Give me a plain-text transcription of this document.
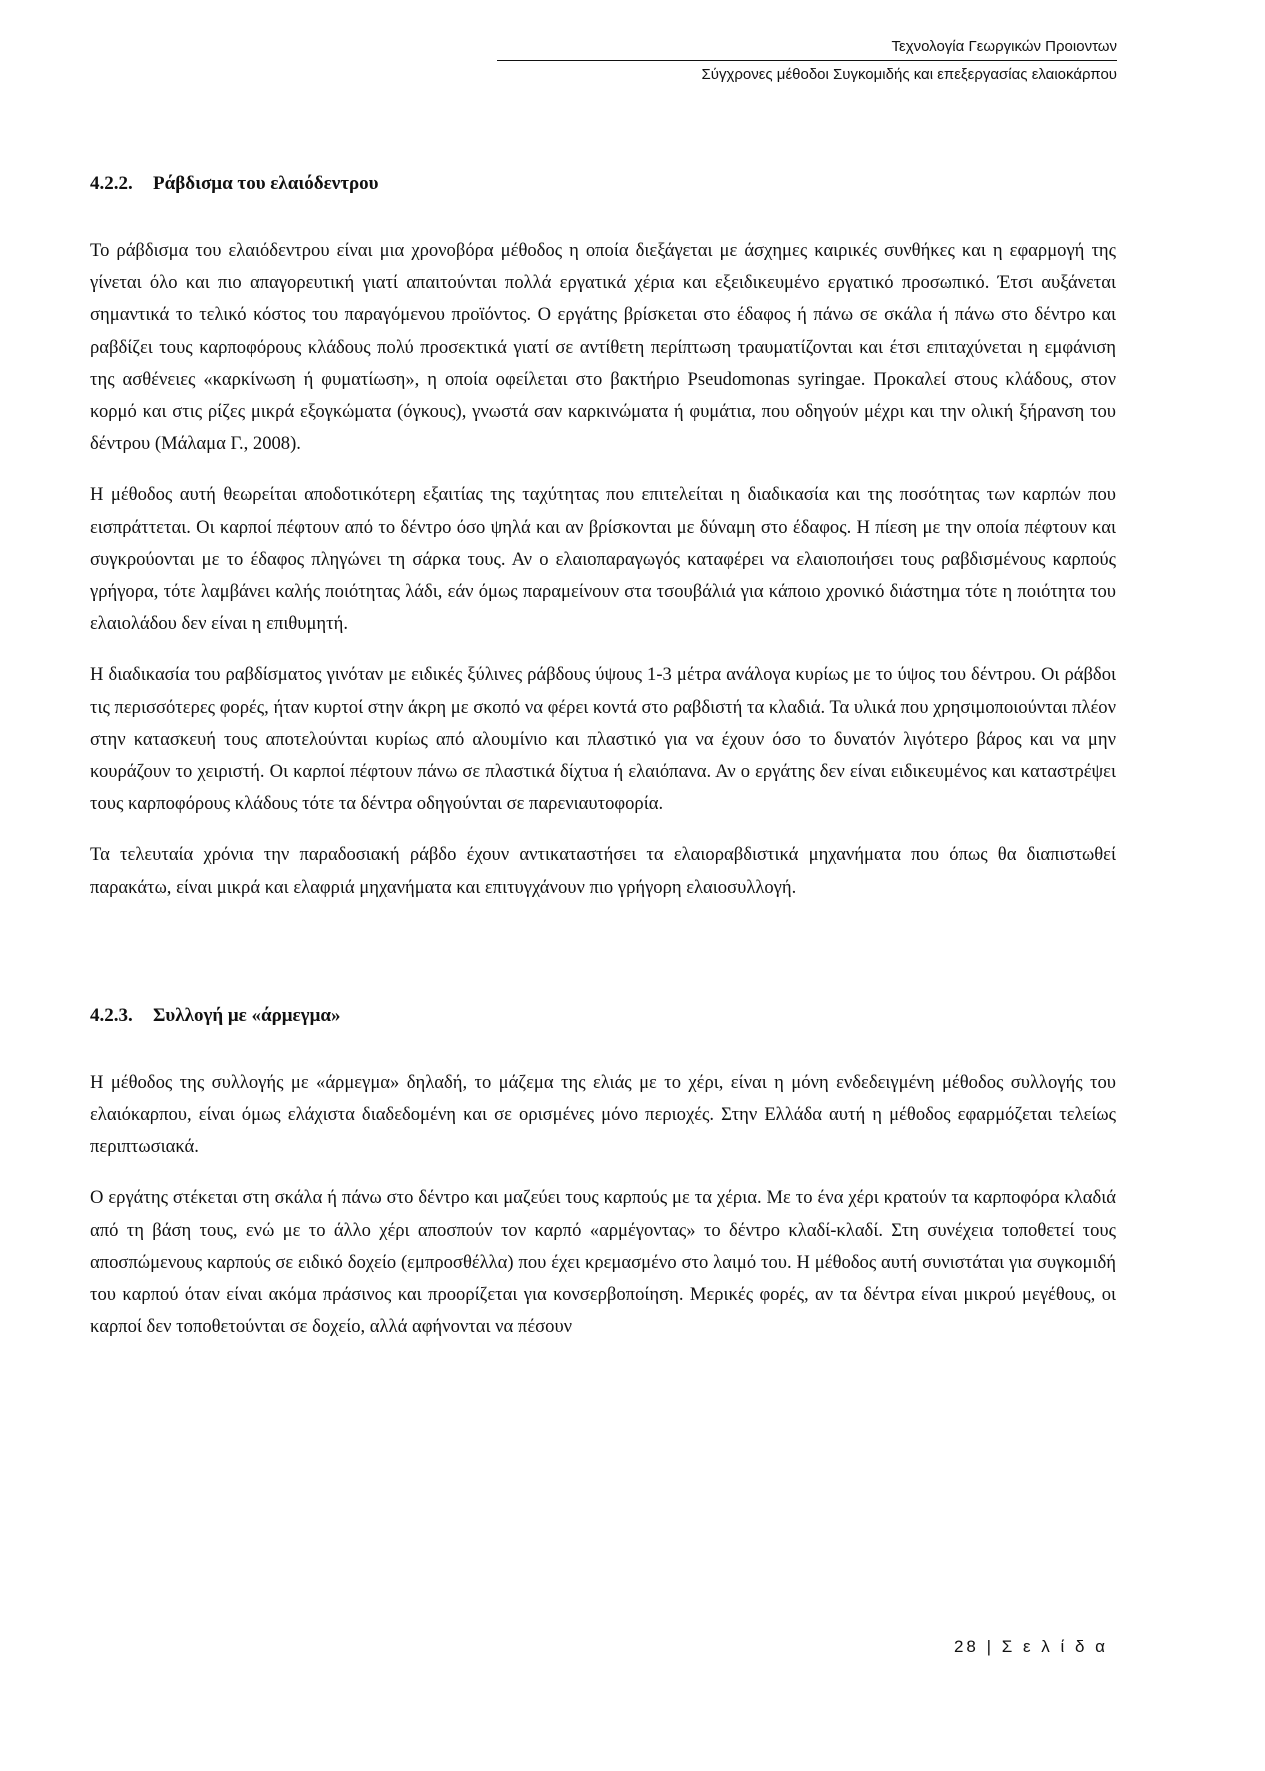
Τεχνολογία Γεωργικών Προιοντων
Σύγχρονες μέθοδοι Συγκομιδής και επεξεργασίας ελαιοκάρπου
4.2.2. Ράβδισμα του ελαιόδεντρου

Το ράβδισμα του ελαιόδεντρου είναι μια χρονοβόρα μέθοδος η οποία διεξάγεται με άσχημες καιρικές συνθήκες και η εφαρμογή της γίνεται όλο και πιο απαγορευτική γιατί απαιτούνται πολλά εργατικά χέρια και εξειδικευμένο εργατικό προσωπικό. Έτσι αυξάνεται σημαντικά το τελικό κόστος του παραγόμενου προϊόντος. Ο εργάτης βρίσκεται στο έδαφος ή πάνω σε σκάλα ή πάνω στο δέντρο και ραβδίζει τους καρποφόρους κλάδους πολύ προσεκτικά γιατί σε αντίθετη περίπτωση τραυματίζονται και έτσι επιταχύνεται η εμφάνιση της ασθένειες «καρκίνωση ή φυματίωση», η οποία οφείλεται στο βακτήριο Pseudomonas syringae. Προκαλεί στους κλάδους, στον κορμό και στις ρίζες μικρά εξογκώματα (όγκους), γνωστά σαν καρκινώματα ή φυμάτια, που οδηγούν μέχρι και την ολική ξήρανση του δέντρου (Μάλαμα Γ., 2008).

Η μέθοδος αυτή θεωρείται αποδοτικότερη εξαιτίας της ταχύτητας που επιτελείται η διαδικασία και της ποσότητας των καρπών που εισπράττεται. Οι καρποί πέφτουν από το δέντρο όσο ψηλά και αν βρίσκονται με δύναμη στο έδαφος. Η πίεση με την οποία πέφτουν και συγκρούονται με το έδαφος πληγώνει τη σάρκα τους. Αν ο ελαιοπαραγωγός καταφέρει να ελαιοποιήσει τους ραβδισμένους καρπούς γρήγορα, τότε λαμβάνει καλής ποιότητας λάδι, εάν όμως παραμείνουν στα τσουβάλιά για κάποιο χρονικό διάστημα τότε η ποιότητα του ελαιολάδου δεν είναι η επιθυμητή.

Η διαδικασία του ραβδίσματος γινόταν με ειδικές ξύλινες ράβδους ύψους 1-3 μέτρα ανάλογα κυρίως με το ύψος του δέντρου. Οι ράβδοι τις περισσότερες φορές, ήταν κυρτοί στην άκρη με σκοπό να φέρει κοντά στο ραβδιστή τα κλαδιά. Τα υλικά που χρησιμοποιούνται πλέον στην κατασκευή τους αποτελούνται κυρίως από αλουμίνιο και πλαστικό για να έχουν όσο το δυνατόν λιγότερο βάρος και να μην κουράζουν το χειριστή. Οι καρποί πέφτουν πάνω σε πλαστικά δίχτυα ή ελαιόπανα. Αν ο εργάτης δεν είναι ειδικευμένος και καταστρέψει τους καρποφόρους κλάδους τότε τα δέντρα οδηγούνται σε παρενιαυτοφορία.

Τα τελευταία χρόνια την παραδοσιακή ράβδο έχουν αντικαταστήσει τα ελαιοραβδιστικά μηχανήματα που όπως θα διαπιστωθεί παρακάτω, είναι μικρά και ελαφριά μηχανήματα και επιτυγχάνουν πιο γρήγορη ελαιοσυλλογή.

4.2.3. Συλλογή με «άρμεγμα»

Η μέθοδος της συλλογής με «άρμεγμα» δηλαδή, το μάζεμα της ελιάς με το χέρι, είναι η μόνη ενδεδειγμένη μέθοδος συλλογής του ελαιόκαρπου, είναι όμως ελάχιστα διαδεδομένη και σε ορισμένες μόνο περιοχές. Στην Ελλάδα αυτή η μέθοδος εφαρμόζεται τελείως περιπτωσιακά.

Ο εργάτης στέκεται στη σκάλα ή πάνω στο δέντρο και μαζεύει τους καρπούς με τα χέρια. Με το ένα χέρι κρατούν τα καρποφόρα κλαδιά από τη βάση τους, ενώ με το άλλο χέρι αποσπούν τον καρπό «αρμέγοντας» το δέντρο κλαδί-κλαδί. Στη συνέχεια τοποθετεί τους αποσπώμενους καρπούς σε ειδικό δοχείο (εμπροσθέλλα) που έχει κρεμασμένο στο λαιμό του. Η μέθοδος αυτή συνιστάται για συγκομιδή του καρπού όταν είναι ακόμα πράσινος και προορίζεται για κονσερβοποίηση. Μερικές φορές, αν τα δέντρα είναι μικρού μεγέθους, οι καρποί δεν τοποθετούνται σε δοχείο, αλλά αφήνονται να πέσουν

28 | Σ ε λ ί δ α
